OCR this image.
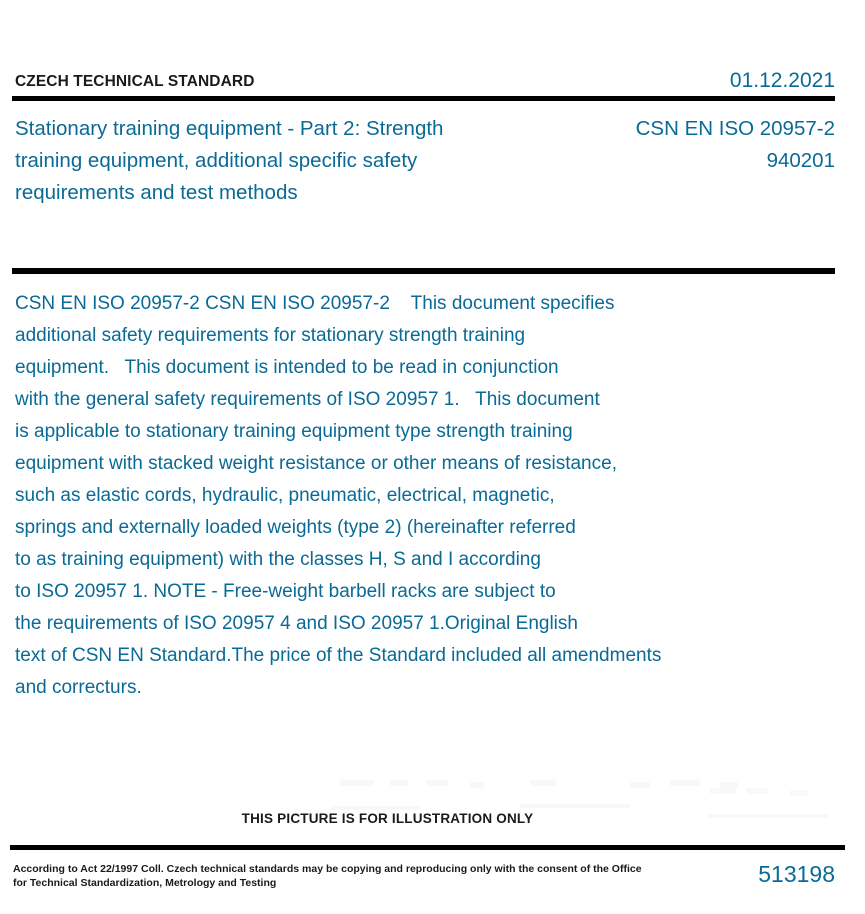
CZECH TECHNICAL STANDARD	01.12.2021
Stationary training equipment - Part 2: Strength
training equipment, additional specific safety
requirements and test methods
CSN EN ISO 20957-2
940201
CSN EN ISO 20957-2 CSN EN ISO 20957-2    This document specifies
additional safety requirements for stationary strength training
equipment.   This document is intended to be read in conjunction
with the general safety requirements of ISO 20957 1.   This document
is applicable to stationary training equipment type strength training
equipment with stacked weight resistance or other means of resistance,
such as elastic cords, hydraulic, pneumatic, electrical, magnetic,
springs and externally loaded weights (type 2) (hereinafter referred
to as training equipment) with the classes H, S and I according
to ISO 20957 1. NOTE - Free-weight barbell racks are subject to
the requirements of ISO 20957 4 and ISO 20957 1.Original English
text of CSN EN Standard.The price of the Standard included all amendments
and correcturs.
THIS PICTURE IS FOR ILLUSTRATION ONLY
According to Act 22/1997 Coll. Czech technical standards may be copying and reproducing only with the consent of the Office
for Technical Standardization, Metrology and Testing	513198
